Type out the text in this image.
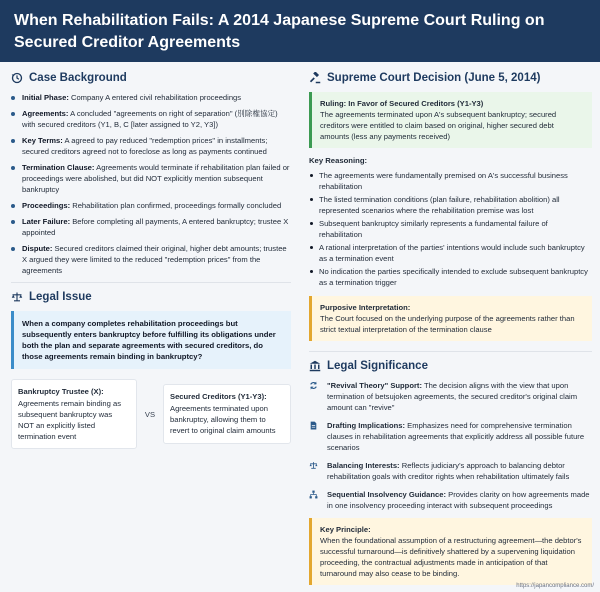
When Rehabilitation Fails: A 2014 Japanese Supreme Court Ruling on Secured Creditor Agreements
Case Background
Initial Phase: Company A entered civil rehabilitation proceedings
Agreements: A concluded "agreements on right of separation" (別除権協定) with secured creditors (Y1, B, C [later assigned to Y2, Y3])
Key Terms: A agreed to pay reduced "redemption prices" in installments; secured creditors agreed not to foreclose as long as payments continued
Termination Clause: Agreements would terminate if rehabilitation plan failed or proceedings were abolished, but did NOT explicitly mention subsequent bankruptcy
Proceedings: Rehabilitation plan confirmed, proceedings formally concluded
Later Failure: Before completing all payments, A entered bankruptcy; trustee X appointed
Dispute: Secured creditors claimed their original, higher debt amounts; trustee X argued they were limited to the reduced "redemption prices" from the agreements
Legal Issue
When a company completes rehabilitation proceedings but subsequently enters bankruptcy before fulfilling its obligations under both the plan and separate agreements with secured creditors, do those agreements remain binding in bankruptcy?
Bankruptcy Trustee (X):
Agreements remain binding as subsequent bankruptcy was NOT an explicitly listed termination event
VS
Secured Creditors (Y1-Y3):
Agreements terminated upon bankruptcy, allowing them to revert to original claim amounts
Supreme Court Decision (June 5, 2014)
Ruling: In Favor of Secured Creditors (Y1-Y3)
The agreements terminated upon A's subsequent bankruptcy; secured creditors were entitled to claim based on original, higher secured debt amounts (less any payments received)
Key Reasoning:
The agreements were fundamentally premised on A's successful business rehabilitation
The listed termination conditions (plan failure, rehabilitation abolition) all represented scenarios where the rehabilitation premise was lost
Subsequent bankruptcy similarly represents a fundamental failure of rehabilitation
A rational interpretation of the parties' intentions would include such bankruptcy as a termination event
No indication the parties specifically intended to exclude subsequent bankruptcy as a termination trigger
Purposive Interpretation:
The Court focused on the underlying purpose of the agreements rather than strict textual interpretation of the termination clause
Legal Significance
"Revival Theory" Support: The decision aligns with the view that upon termination of betsujoken agreements, the secured creditor's original claim amount can "revive"
Drafting Implications: Emphasizes need for comprehensive termination clauses in rehabilitation agreements that explicitly address all possible future scenarios
Balancing Interests: Reflects judiciary's approach to balancing debtor rehabilitation goals with creditor rights when rehabilitation ultimately fails
Sequential Insolvency Guidance: Provides clarity on how agreements made in one insolvency proceeding interact with subsequent proceedings
Key Principle:
When the foundational assumption of a restructuring agreement—the debtor's successful turnaround—is definitively shattered by a supervening liquidation proceeding, the contractual adjustments made in anticipation of that turnaround may also cease to be binding.
https://japancompliance.com/
